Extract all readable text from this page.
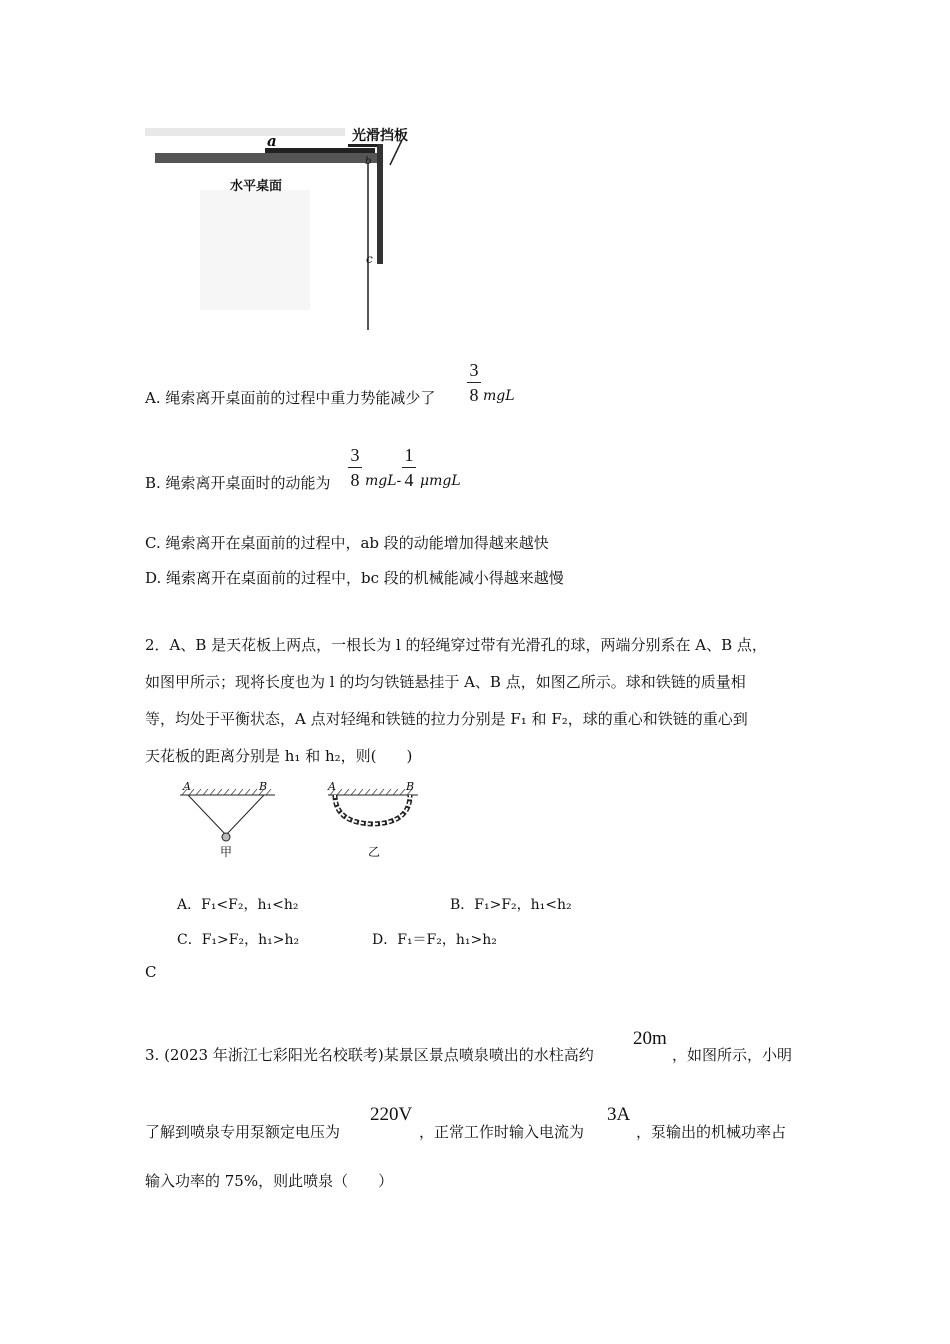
a
b
c
光滑挡板
水平桌面
A. 绳索离开桌面前的过程中重力势能减少了
3
8 mgL
B. 绳索离开桌面时的动能为
3
8 mgL-
1
4 μmgL
C. 绳索离开在桌面前的过程中，ab 段的动能增加得越来越快
D. 绳索离开在桌面前的过程中，bc 段的机械能减小得越来越慢
2．A、B 是天花板上两点，一根长为 l 的轻绳穿过带有光滑孔的球，两端分别系在 A、B 点，
如图甲所示；现将长度也为 l 的均匀铁链悬挂于 A、B 点，如图乙所示。球和铁链的质量相
等，均处于平衡状态，A 点对轻绳和铁链的拉力分别是 F₁ 和 F₂，球的重心和铁链的重心到
天花板的距离分别是 h₁ 和 h₂，则(　　)
A	B	A	B
甲	乙
A．F₁<F₂，h₁<h₂	B．F₁>F₂，h₁<h₂
C．F₁>F₂，h₁>h₂	D．F₁＝F₂，h₁>h₂
C
3. (2023 年浙江七彩阳光名校联考)某景区景点喷泉喷出的水柱高约
20m
，如图所示，小明
了解到喷泉专用泵额定电压为
220V
，正常工作时输入电流为
3A
，泵输出的机械功率占
输入功率的 75%，则此喷泉（　　）
